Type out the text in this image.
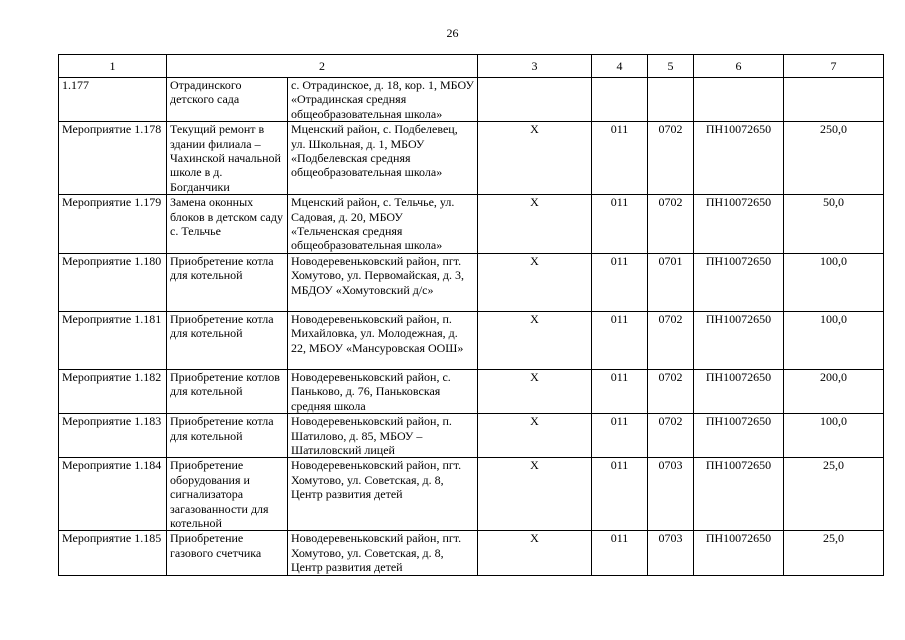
26
1	2		3	4	5	6	7
1.177	Отрадинского детского сада	с. Отрадинское, д. 18, кор. 1, МБОУ «Отрадинская средняя общеобразовательная школа»					
Мероприятие 1.178	Текущий ремонт в здании филиала – Чахинской начальной школе в д. Богданчики	Мценский район, с. Подбелевец, ул. Школьная, д. 1, МБОУ «Подбелевская средняя общеобразовательная школа»	Х	011	0702	ПН10072650	250,0
Мероприятие 1.179	Замена оконных блоков в детском саду с. Тельчье	Мценский район, с. Тельчье, ул. Садовая, д. 20, МБОУ «Тельченская средняя общеобразовательная школа»	Х	011	0702	ПН10072650	50,0
Мероприятие 1.180	Приобретение котла для котельной	Новодеревеньковский район, пгт. Хомутово, ул. Первомайская, д. 3, МБДОУ «Хомутовский д/с»	Х	011	0701	ПН10072650	100,0
Мероприятие 1.181	Приобретение котла для котельной	Новодеревеньковский район, п. Михайловка, ул. Молодежная, д. 22, МБОУ «Мансуровская ООШ»	Х	011	0702	ПН10072650	100,0
Мероприятие 1.182	Приобретение котлов для котельной	Новодеревеньковский район, с. Паньково, д. 76, Паньковская средняя школа	Х	011	0702	ПН10072650	200,0
Мероприятие 1.183	Приобретение котла для котельной	Новодеревеньковский район, п. Шатилово, д. 85, МБОУ – Шатиловский лицей	Х	011	0702	ПН10072650	100,0
Мероприятие 1.184	Приобретение оборудования и сигнализатора загазованности для котельной	Новодеревеньковский район, пгт. Хомутово, ул. Советская, д. 8, Центр развития детей	Х	011	0703	ПН10072650	25,0
Мероприятие 1.185	Приобретение газового счетчика	Новодеревеньковский район, пгт. Хомутово, ул. Советская, д. 8, Центр развития детей	Х	011	0703	ПН10072650	25,0
